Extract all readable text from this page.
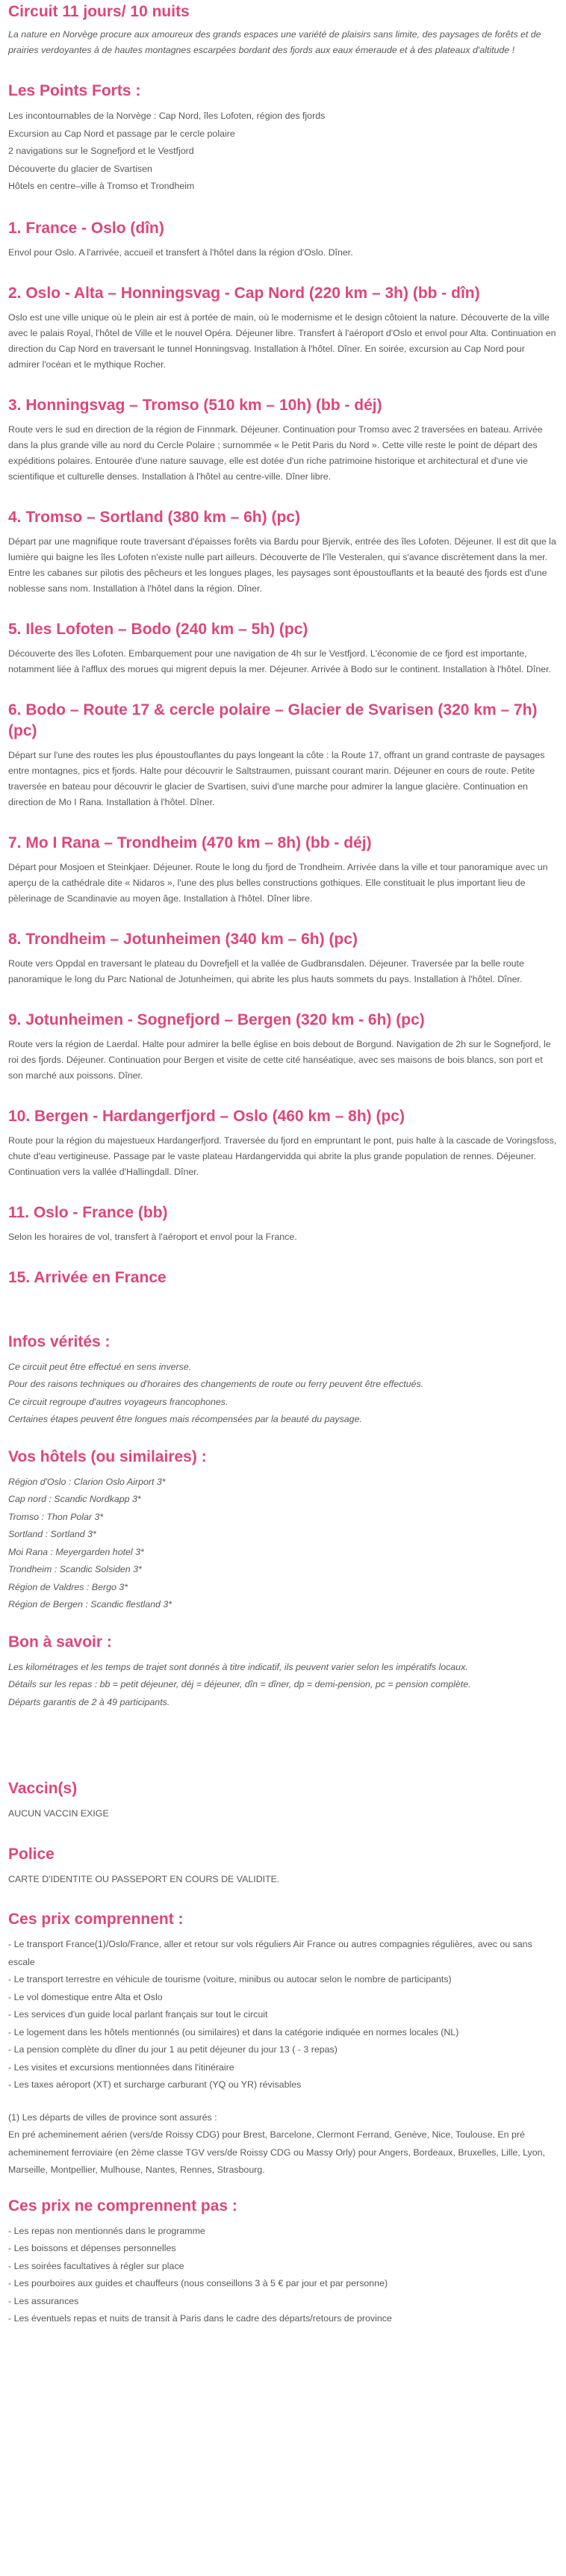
Circuit 11 jours/ 10 nuits

La nature en Norvège procure aux amoureux des grands espaces une variété de plaisirs sans limite, des paysages de forêts et de prairies verdoyantes à de hautes montagnes escarpées bordant des fjords aux eaux émeraude et à des plateaux d'altitude !

Les Points Forts :

Les incontournables de la Norvège : Cap Nord, îles Lofoten, région des fjords

Excursion au Cap Nord et passage par le cercle polaire

2 navigations sur le Sognefjord et le Vestfjord

Découverte du glacier de Svartisen

Hôtels en centre–ville à Tromso et Trondheim

1. France - Oslo (dîn)

Envol pour Oslo. A l'arrivée, accueil et transfert à l'hôtel dans la région d'Oslo. Dîner.

2. Oslo - Alta – Honningsvag - Cap Nord (220 km – 3h) (bb - dîn)

Oslo est une ville unique où le plein air est à portée de main, où le modernisme et le design côtoient la nature. Découverte de la ville avec le palais Royal, l'hôtel de Ville et le nouvel Opéra. Déjeuner libre. Transfert à l'aéroport d'Oslo et envol pour Alta. Continuation en direction du Cap Nord en traversant le tunnel Honningsvag. Installation à l'hôtel. Dîner. En soirée, excursion au Cap Nord pour admirer l'océan et le mythique Rocher.

3. Honningsvag – Tromso (510 km – 10h) (bb - déj)

Route vers le sud en direction de la région de Finnmark. Déjeuner. Continuation pour Tromso avec 2 traversées en bateau. Arrivée dans la plus grande ville au nord du Cercle Polaire ; surnommée « le Petit Paris du Nord ». Cette ville reste le point de départ des expéditions polaires. Entourée d'une nature sauvage, elle est dotée d'un riche patrimoine historique et architectural et d'une vie scientifique et culturelle denses. Installation à l'hôtel au centre-ville. Dîner libre.

4. Tromso – Sortland (380 km – 6h) (pc)

Départ par une magnifique route traversant d'épaisses forêts via Bardu pour Bjervik, entrée des îles Lofoten. Déjeuner. Il est dit que la lumière qui baigne les îles Lofoten n'existe nulle part ailleurs. Découverte de l'île Vesteralen, qui s'avance discrètement dans la mer. Entre les cabanes sur pilotis des pêcheurs et les longues plages, les paysages sont époustouflants et la beauté des fjords est d'une noblesse sans nom. Installation à l'hôtel dans la région. Dîner.

5. Iles Lofoten – Bodo (240 km – 5h) (pc)

Découverte des îles Lofoten. Embarquement pour une navigation de 4h sur le Vestfjord. L'économie de ce fjord est importante, notamment liée à l'afflux des morues qui migrent depuis la mer. Déjeuner. Arrivée à Bodo sur le continent. Installation à l'hôtel. Dîner.

6. Bodo – Route 17 & cercle polaire – Glacier de Svarisen (320 km – 7h) (pc)

Départ sur l'une des routes les plus époustouflantes du pays longeant la côte : la Route 17, offrant un grand contraste de paysages entre montagnes, pics et fjords. Halte pour découvrir le Saltstraumen, puissant courant marin. Déjeuner en cours de route. Petite traversée en bateau pour découvrir le glacier de Svartisen, suivi d'une marche pour admirer la langue glacière. Continuation en direction de Mo I Rana. Installation à l'hôtel. Dîner.

7. Mo I Rana – Trondheim (470 km – 8h) (bb - déj)

Départ pour Mosjoen et Steinkjaer. Déjeuner. Route le long du fjord de Trondheim. Arrivée dans la ville et tour panoramique avec un aperçu de la cathédrale dite « Nidaros », l'une des plus belles constructions gothiques. Elle constituait le plus important lieu de pèlerinage de Scandinavie au moyen âge. Installation à l'hôtel. Dîner libre.

8. Trondheim – Jotunheimen (340 km – 6h) (pc)

Route vers Oppdal en traversant le plateau du Dovrefjell et la vallée de Gudbransdalen. Déjeuner. Traversée par la belle route panoramique le long du Parc National de Jotunheimen, qui abrite les plus hauts sommets du pays. Installation à l'hôtel. Dîner.

9. Jotunheimen - Sognefjord – Bergen (320 km - 6h) (pc)

Route vers la région de Laerdal. Halte pour admirer la belle église en bois debout de Borgund. Navigation de 2h sur le Sognefjord, le roi des fjords. Déjeuner. Continuation pour Bergen et visite de cette cité hanséatique, avec ses maisons de bois blancs, son port et son marché aux poissons. Dîner.

10. Bergen - Hardangerfjord – Oslo (460 km – 8h) (pc)

Route pour la région du majestueux Hardangerfjord. Traversée du fjord en empruntant le pont, puis halte à la cascade de Voringsfoss, chute d'eau vertigineuse. Passage par le vaste plateau Hardangervidda qui abrite la plus grande population de rennes. Déjeuner. Continuation vers la vallée d'Hallingdall. Dîner.

11. Oslo - France (bb)

Selon les horaires de vol, transfert à l'aéroport et envol pour la France.

15. Arrivée en France
Infos vérités :

Ce circuit peut être effectué en sens inverse.

Pour des raisons techniques ou d'horaires des changements de route ou ferry peuvent être effectués.

Ce circuit regroupe d'autres voyageurs francophones.

Certaines étapes peuvent être longues mais récompensées par la beauté du paysage.

Vos hôtels (ou similaires) :

Région d'Oslo : Clarion Oslo Airport 3*

Cap nord : Scandic Nordkapp 3*

Tromso : Thon Polar 3*

Sortland : Sortland 3*

Moi Rana : Meyergarden hotel 3*

Trondheim : Scandic Solsiden 3*

Région de Valdres : Bergo 3*

Région de Bergen : Scandic flestland 3*

Bon à savoir :

Les kilométrages et les temps de trajet sont donnés à titre indicatif, ils peuvent varier selon les impératifs locaux.

Détails sur les repas : bb = petit déjeuner, déj = déjeuner, dîn = dîner, dp = demi-pension, pc = pension complète.

Départs garantis de 2 à 49 participants.

Vaccin(s)

AUCUN VACCIN EXIGE

Police

CARTE D'IDENTITE OU PASSEPORT EN COURS DE VALIDITE.

Ces prix comprennent :

- Le transport France(1)/Oslo/France, aller et retour sur vols réguliers Air France ou autres compagnies régulières, avec ou sans escale

- Le transport terrestre en véhicule de tourisme (voiture, minibus ou autocar selon le nombre de participants)

- Le vol domestique entre Alta et Oslo

- Les services d'un guide local parlant français sur tout le circuit

- Le logement dans les hôtels mentionnés (ou similaires) et dans la catégorie indiquée en normes locales (NL)

- La pension complète du dîner du jour 1 au petit déjeuner du jour 13 ( - 3 repas)

- Les visites et excursions mentionnées dans l'itinéraire

- Les taxes aéroport (XT) et surcharge carburant (YQ ou YR) révisables

(1) Les départs de villes de province sont assurés :

En pré acheminement aérien (vers/de Roissy CDG) pour Brest, Barcelone, Clermont Ferrand, Genève, Nice, Toulouse. En pré acheminement ferroviaire (en 2ème classe TGV vers/de Roissy CDG ou Massy Orly) pour Angers, Bordeaux, Bruxelles, Lille, Lyon, Marseille, Montpellier, Mulhouse, Nantes, Rennes, Strasbourg.

Ces prix ne comprennent pas :

- Les repas non mentionnés dans le programme

- Les boissons et dépenses personnelles

- Les soirées facultatives à régler sur place

- Les pourboires aux guides et chauffeurs (nous conseillons 3 à 5 € par jour et par personne)

- Les assurances

- Les éventuels repas et nuits de transit à Paris dans le cadre des départs/retours de province
